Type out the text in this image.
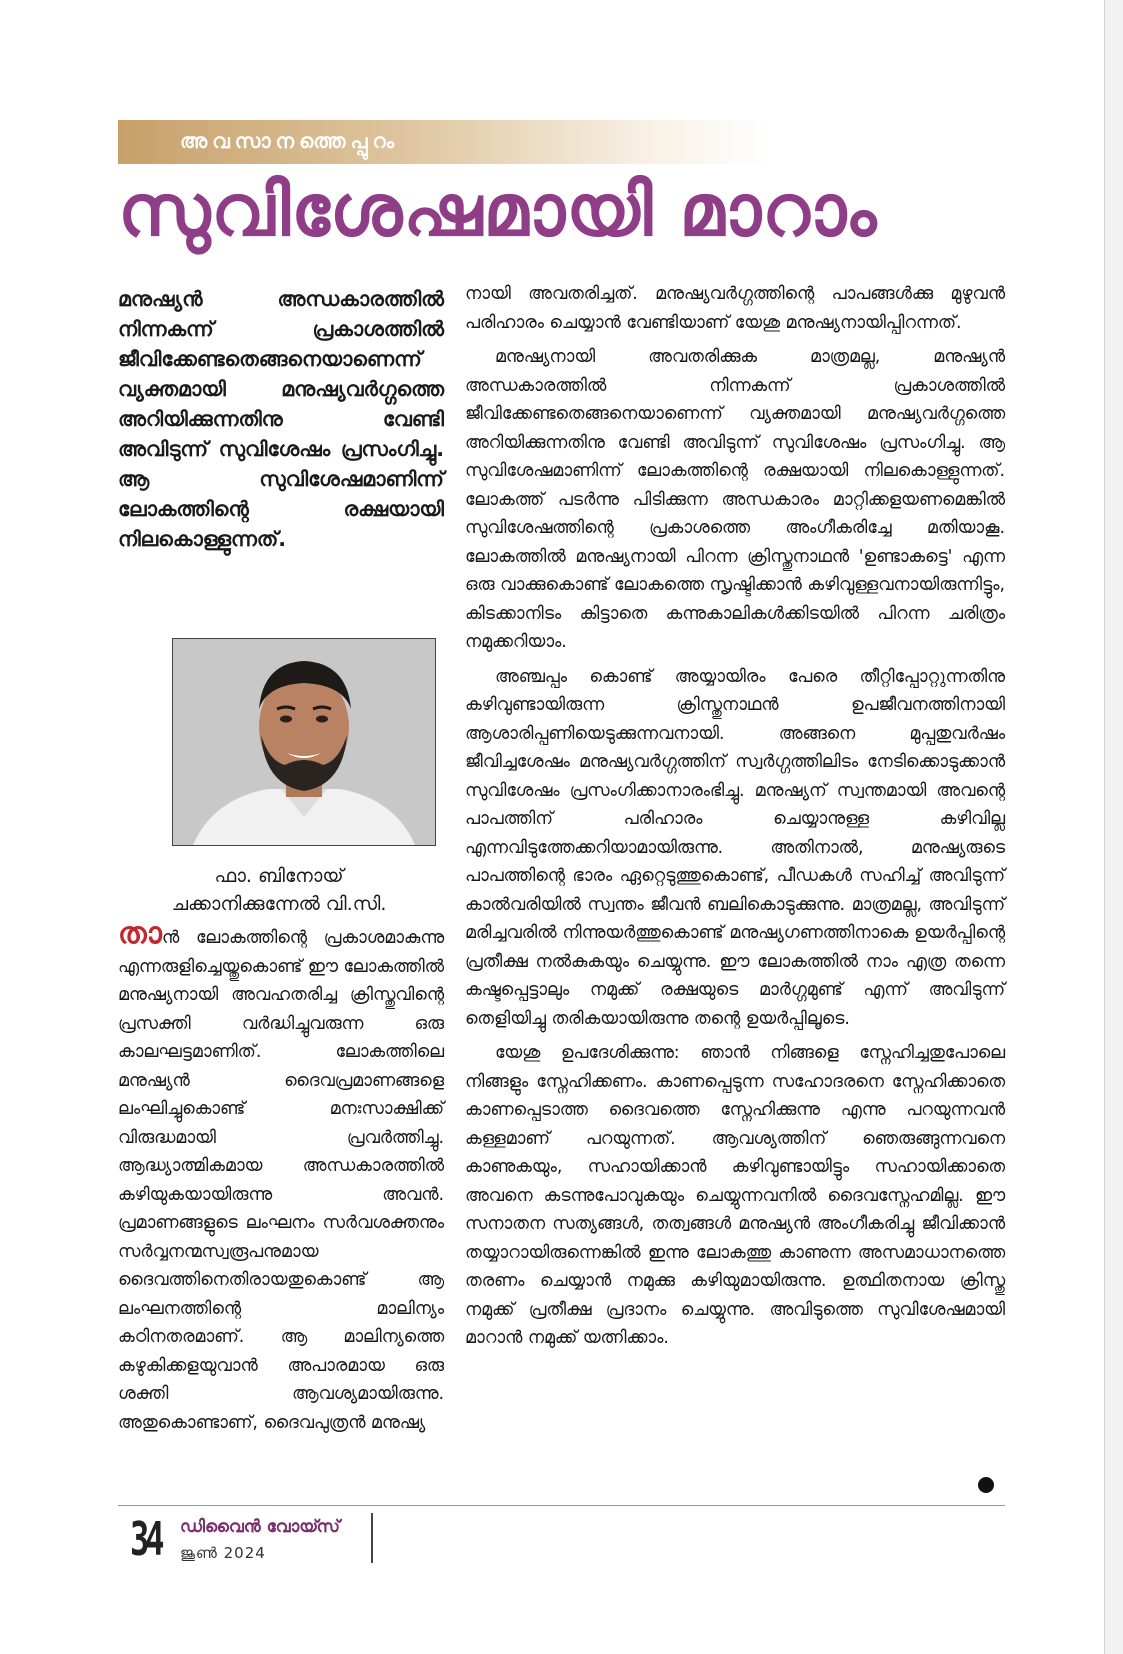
അവസാനത്തെപ്പുറം
സുവിശേഷമായി മാറാം

മനുഷ്യൻ അന്ധകാരത്തിൽ നിന്നകന്ന് പ്രകാശത്തിൽ ജീവിക്കേണ്ടതെങ്ങനെയാണെന്ന് വ്യക്തമായി മനുഷ്യവർഗ്ഗത്തെ അറിയിക്കുന്നതിനു വേണ്ടി അവിടുന്ന് സുവിശേഷം പ്രസംഗിച്ചു. ആ സുവിശേഷമാണിന്ന് ലോകത്തിന്റെ രക്ഷയായി നിലകൊള്ളുന്നത്.

ഫാ. ബിനോയ്
ചക്കാനിക്കുന്നേൽ വി.സി.

താൻ ലോകത്തിന്റെ പ്രകാശമാകുന്നു എന്നരുളിച്ചെയ്തുകൊണ്ട് ഈ ലോകത്തിൽ മനുഷ്യനായി അവഹതരിച്ച ക്രിസ്തുവിന്റെ പ്രസക്തി വർദ്ധിച്ചുവരുന്ന ഒരു കാലഘട്ടമാണിത്. ലോകത്തിലെ മനുഷ്യൻ ദൈവപ്രമാണങ്ങളെ ലംഘിച്ചുകൊണ്ട് മനഃസാക്ഷിക്ക് വിരുദ്ധമായി പ്രവർത്തിച്ചു. ആദ്ധ്യാത്മികമായ അന്ധകാരത്തിൽ കഴിയുകയായിരുന്നു അവൻ. പ്രമാണങ്ങളുടെ ലംഘനം സർവശക്തനും സർവ്വനന്മസ്വരൂപനുമായ ദൈവത്തിനെതിരായതുകൊണ്ട് ആ ലംഘനത്തിന്റെ മാലിന്യം കഠിനതരമാണ്. ആ മാലിന്യത്തെ കഴുകിക്കളയുവാൻ അപാരമായ ഒരു ശക്തി ആവശ്യമായിരുന്നു. അതുകൊണ്ടാണ്, ദൈവപുത്രൻ മനുഷ്യ

നായി അവതരിച്ചത്. മനുഷ്യവർഗ്ഗത്തിന്റെ പാപങ്ങൾക്കു മുഴുവൻ പരിഹാരം ചെയ്യാൻ വേണ്ടിയാണ് യേശു മനുഷ്യനായിപ്പിറന്നത്.

മനുഷ്യനായി അവതരിക്കുക മാത്രമല്ല, മനുഷ്യൻ അന്ധകാരത്തിൽ നിന്നകന്ന് പ്രകാശത്തിൽ ജീവിക്കേണ്ടതെങ്ങനെയാണെന്ന് വ്യക്തമായി മനുഷ്യവർഗ്ഗത്തെ അറിയിക്കുന്നതിനു വേണ്ടി അവിടുന്ന് സുവിശേഷം പ്രസംഗിച്ചു. ആ സുവിശേഷമാണിന്ന് ലോകത്തിന്റെ രക്ഷയായി നിലകൊള്ളുന്നത്. ലോകത്ത് പടർന്നു പിടിക്കുന്ന അന്ധകാരം മാറ്റിക്കളയണമെങ്കിൽ സുവിശേഷത്തിന്റെ പ്രകാശത്തെ അംഗീകരിച്ചേ മതിയാകൂ. ലോകത്തിൽ മനുഷ്യനായി പിറന്ന ക്രിസ്തുനാഥൻ 'ഉണ്ടാകട്ടെ' എന്ന ഒരു വാക്കുകൊണ്ട് ലോകത്തെ സൃഷ്ടിക്കാൻ കഴിവുള്ളവനായിരുന്നിട്ടും, കിടക്കാനിടം കിട്ടാതെ കന്നുകാലികൾക്കിടയിൽ പിറന്ന ചരിത്രം നമുക്കറിയാം.

അഞ്ചപ്പം കൊണ്ട് അയ്യായിരം പേരെ തീറ്റിപ്പോറ്റുന്നതിനു കഴിവുണ്ടായിരുന്ന ക്രിസ്തുനാഥൻ ഉപജീവനത്തിനായി ആശാരിപ്പണിയെടുക്കുന്നവനായി. അങ്ങനെ മുപ്പതുവർഷം ജീവിച്ചശേഷം മനുഷ്യവർഗ്ഗത്തിന് സ്വർഗ്ഗത്തിലിടം നേടിക്കൊടുക്കാൻ സുവിശേഷം പ്രസംഗിക്കാനാരംഭിച്ചു. മനുഷ്യന് സ്വന്തമായി അവന്റെ പാപത്തിന് പരിഹാരം ചെയ്യാനുള്ള കഴിവില്ല എന്നവിടുത്തേക്കറിയാമായിരുന്നു. അതിനാൽ, മനുഷ്യരുടെ പാപത്തിന്റെ ഭാരം ഏറ്റെടുത്തുകൊണ്ട്, പീഡകൾ സഹിച്ച് അവിടുന്ന് കാൽവരിയിൽ സ്വന്തം ജീവൻ ബലികൊടുക്കുന്നു. മാത്രമല്ല, അവിടുന്ന് മരിച്ചവരിൽ നിന്നുയർത്തുകൊണ്ട് മനുഷ്യഗണത്തിനാകെ ഉയർപ്പിന്റെ പ്രതീക്ഷ നൽകുകയും ചെയ്യുന്നു. ഈ ലോകത്തിൽ നാം എത്ര തന്നെ കഷ്ടപ്പെട്ടാലും നമുക്ക് രക്ഷയുടെ മാർഗ്ഗമുണ്ട് എന്ന് അവിടുന്ന് തെളിയിച്ചു തരികയായിരുന്നു തന്റെ ഉയർപ്പിലൂടെ.

യേശു ഉപദേശിക്കുന്നു: ഞാൻ നിങ്ങളെ സ്നേഹിച്ചതുപോലെ നിങ്ങളും സ്നേഹിക്കണം. കാണപ്പെടുന്ന സഹോദരനെ സ്നേഹിക്കാതെ കാണപ്പെടാത്ത ദൈവത്തെ സ്നേഹിക്കുന്നു എന്നു പറയുന്നവൻ കള്ളമാണ് പറയുന്നത്. ആവശ്യത്തിന് ഞെരുങ്ങുന്നവനെ കാണുകയും, സഹായിക്കാൻ കഴിവുണ്ടായിട്ടും സഹായിക്കാതെ അവനെ കടന്നുപോവുകയും ചെയ്യുന്നവനിൽ ദൈവസ്നേഹമില്ല. ഈ സനാതന സത്യങ്ങൾ, തത്വങ്ങൾ മനുഷ്യൻ അംഗീകരിച്ചു ജീവിക്കാൻ തയ്യാറായിരുന്നെങ്കിൽ ഇന്നു ലോകത്തു കാണുന്ന അസമാധാനത്തെ തരണം ചെയ്യാൻ നമുക്കു കഴിയുമായിരുന്നു. ഉത്ഥിതനായ ക്രിസ്തു നമുക്ക് പ്രതീക്ഷ പ്രദാനം ചെയ്യുന്നു. അവിടുത്തെ സുവിശേഷമായി മാറാൻ നമുക്ക് യത്നിക്കാം.

34 ഡിവൈൻ വോയ്സ്
ജൂൺ 2024
